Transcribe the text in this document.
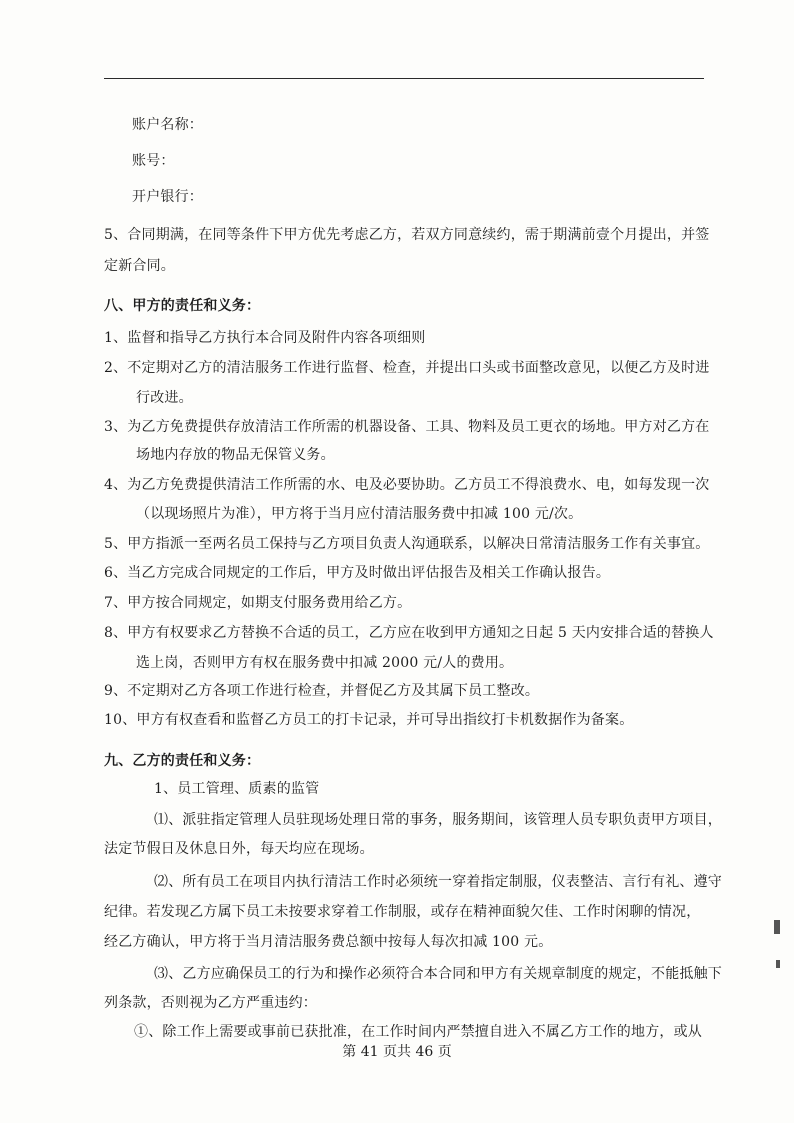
账户名称：
账号：
开户银行：
5、合同期满，在同等条件下甲方优先考虑乙方，若双方同意续约，需于期满前壹个月提出，并签
定新合同。
八、甲方的责任和义务：
1、监督和指导乙方执行本合同及附件内容各项细则
2、不定期对乙方的清洁服务工作进行监督、检查，并提出口头或书面整改意见，以便乙方及时进
行改进。
3、为乙方免费提供存放清洁工作所需的机器设备、工具、物料及员工更衣的场地。甲方对乙方在
场地内存放的物品无保管义务。
4、为乙方免费提供清洁工作所需的水、电及必要协助。乙方员工不得浪费水、电，如每发现一次
（以现场照片为准），甲方将于当月应付清洁服务费中扣减 100 元/次。
5、甲方指派一至两名员工保持与乙方项目负责人沟通联系，以解决日常清洁服务工作有关事宜。
6、当乙方完成合同规定的工作后，甲方及时做出评估报告及相关工作确认报告。
7、甲方按合同规定，如期支付服务费用给乙方。
8、甲方有权要求乙方替换不合适的员工，乙方应在收到甲方通知之日起 5 天内安排合适的替换人
选上岗，否则甲方有权在服务费中扣减 2000 元/人的费用。
9、不定期对乙方各项工作进行检查，并督促乙方及其属下员工整改。
10、甲方有权查看和监督乙方员工的打卡记录，并可导出指纹打卡机数据作为备案。
九、乙方的责任和义务：
1、员工管理、质素的监管
⑴、派驻指定管理人员驻现场处理日常的事务，服务期间，该管理人员专职负责甲方项目，
法定节假日及休息日外，每天均应在现场。
⑵、所有员工在项目内执行清洁工作时必须统一穿着指定制服，仪表整洁、言行有礼、遵守
纪律。若发现乙方属下员工未按要求穿着工作制服，或存在精神面貌欠佳、工作时闲聊的情况，
经乙方确认，甲方将于当月清洁服务费总额中按每人每次扣减 100 元。
⑶、乙方应确保员工的行为和操作必须符合本合同和甲方有关规章制度的规定，不能抵触下
列条款，否则视为乙方严重违约：
①、除工作上需要或事前已获批准，在工作时间内严禁擅自进入不属乙方工作的地方，或从
第 41 页共 46 页
